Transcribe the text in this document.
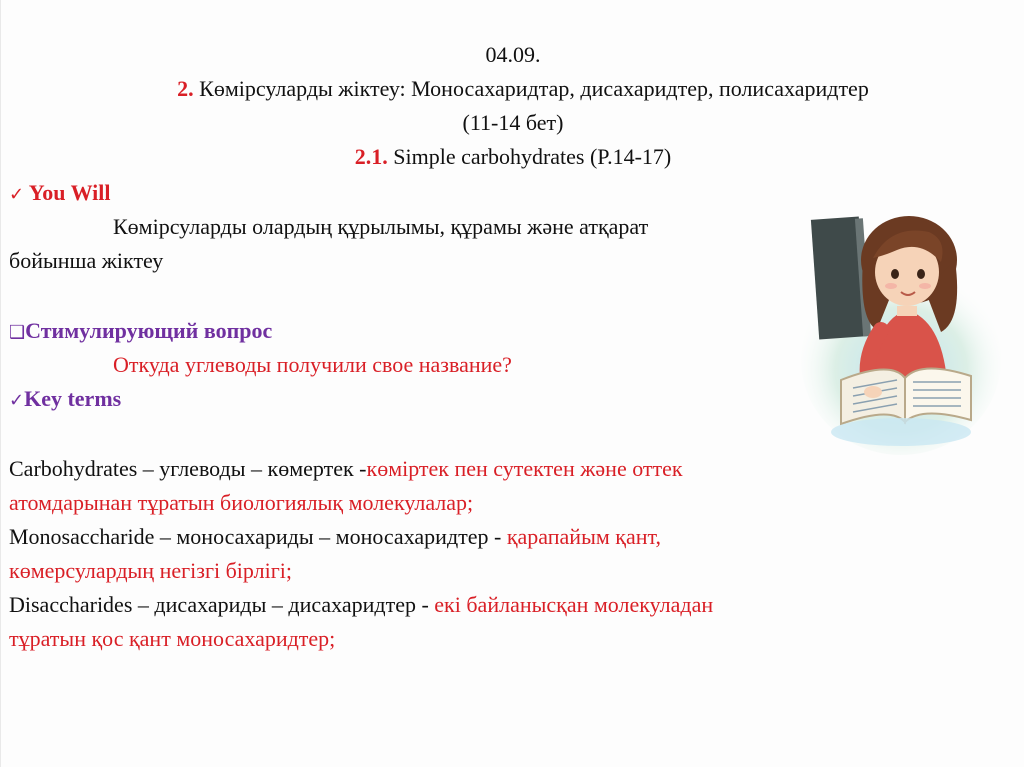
04.09.
2. Көмірсуларды жіктеу: Моносахаридтар, дисахаридтер, полисахаридтер
(11-14 бет)
2.1. Simple carbohydrates (P.14-17)
✓ You Will
Көмірсуларды олардың құрылымы, құрамы және атқарат
бойынша жіктеу
❑Стимулирующий вопрос
Откуда углеводы получили свое название?
✓Key terms
Carbohydrates – углеводы – көмертек -көміртек пен сутектен және оттек
атомдарынан тұратын биологиялық молекулалар;
Monosaccharide – моносахариды – моносахаридтер - қарапайым қант,
көмерсулардың негізгі бірлігі;
Disaccharides – дисахариды – дисахаридтер - екі байланысқан молекуладан
тұратын қос қант моносахаридтер;
